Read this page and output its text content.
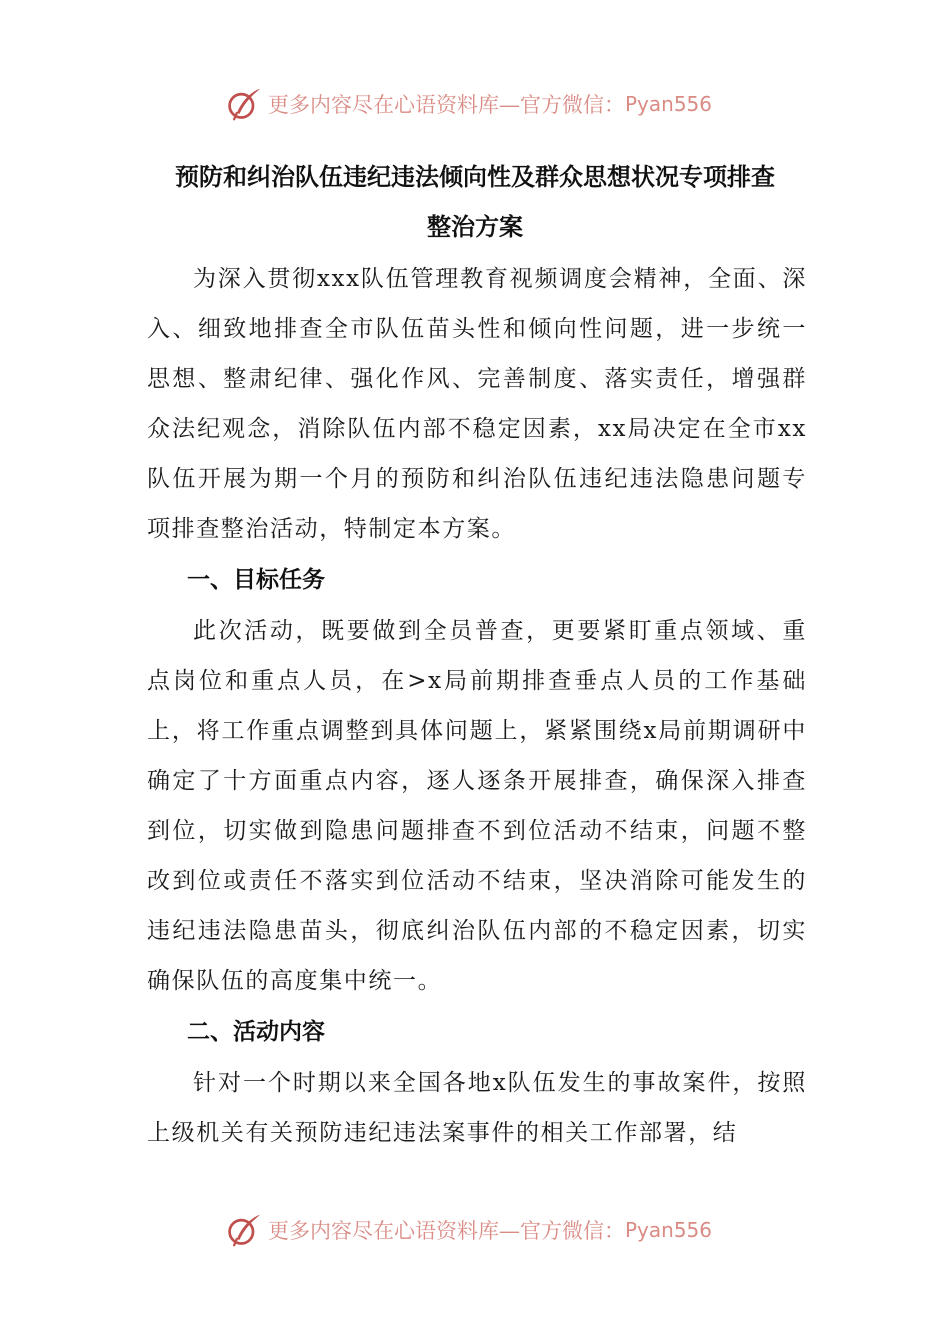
更多内容尽在心语资料库—官方微信： Pyan556
预防和纠治队伍违纪违法倾向性及群众思想状况专项排查
整治方案

为深入贯彻xxx队伍管理教育视频调度会精神，全面、深入、细致地排查全市队伍苗头性和倾向性问题，进一步统一思想、整肃纪律、强化作风、完善制度、落实责任，增强群众法纪观念，消除队伍内部不稳定因素，xx局决定在全市xx队伍开展为期一个月的预防和纠治队伍违纪违法隐患问题专项排查整治活动，特制定本方案。

一、目标任务

此次活动，既要做到全员普查，更要紧盯重点领域、重点岗位和重点人员，在>x局前期排查垂点人员的工作基础上，将工作重点调整到具体问题上，紧紧围绕x局前期调研中确定了十方面重点内容，逐人逐条开展排查，确保深入排查到位，切实做到隐患问题排查不到位活动不结束，问题不整改到位或责任不落实到位活动不结束，坚决消除可能发生的违纪违法隐患苗头，彻底纠治队伍内部的不稳定因素，切实确保队伍的高度集中统一。

二、活动内容

针对一个时期以来全国各地x队伍发生的事故案件，按照上级机关有关预防违纪违法案事件的相关工作部署，结

更多内容尽在心语资料库—官方微信： Pyan556
